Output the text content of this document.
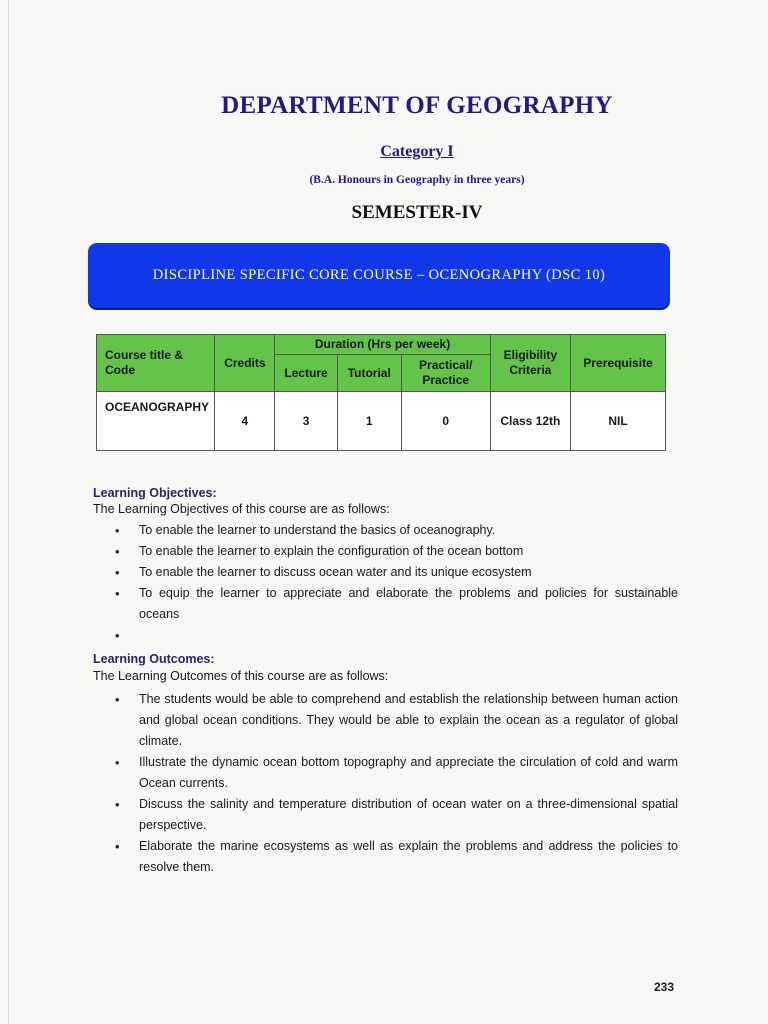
DEPARTMENT OF GEOGRAPHY
Category I
(B.A. Honours in Geography in three years)
SEMESTER-IV
DISCIPLINE SPECIFIC CORE COURSE – OCENOGRAPHY (DSC 10)
Course title & Code	Credits	Duration (Hrs per week)			Eligibility Criteria	Prerequisite
		Lecture	Tutorial	Practical/ Practice		
OCEANOGRAPHY	4	3	1	0	Class 12th	NIL
Learning Objectives:
The Learning Objectives of this course are as follows:
• To enable the learner to understand the basics of oceanography.
• To enable the learner to explain the configuration of the ocean bottom
• To enable the learner to discuss ocean water and its unique ecosystem
• To equip the learner to appreciate and elaborate the problems and policies for sustainable oceans
•
Learning Outcomes:
The Learning Outcomes of this course are as follows:
• The students would be able to comprehend and establish the relationship between human action and global ocean conditions. They would be able to explain the ocean as a regulator of global climate.
• Illustrate the dynamic ocean bottom topography and appreciate the circulation of cold and warm Ocean currents.
• Discuss the salinity and temperature distribution of ocean water on a three-dimensional spatial perspective.
• Elaborate the marine ecosystems as well as explain the problems and address the policies to resolve them.
233
